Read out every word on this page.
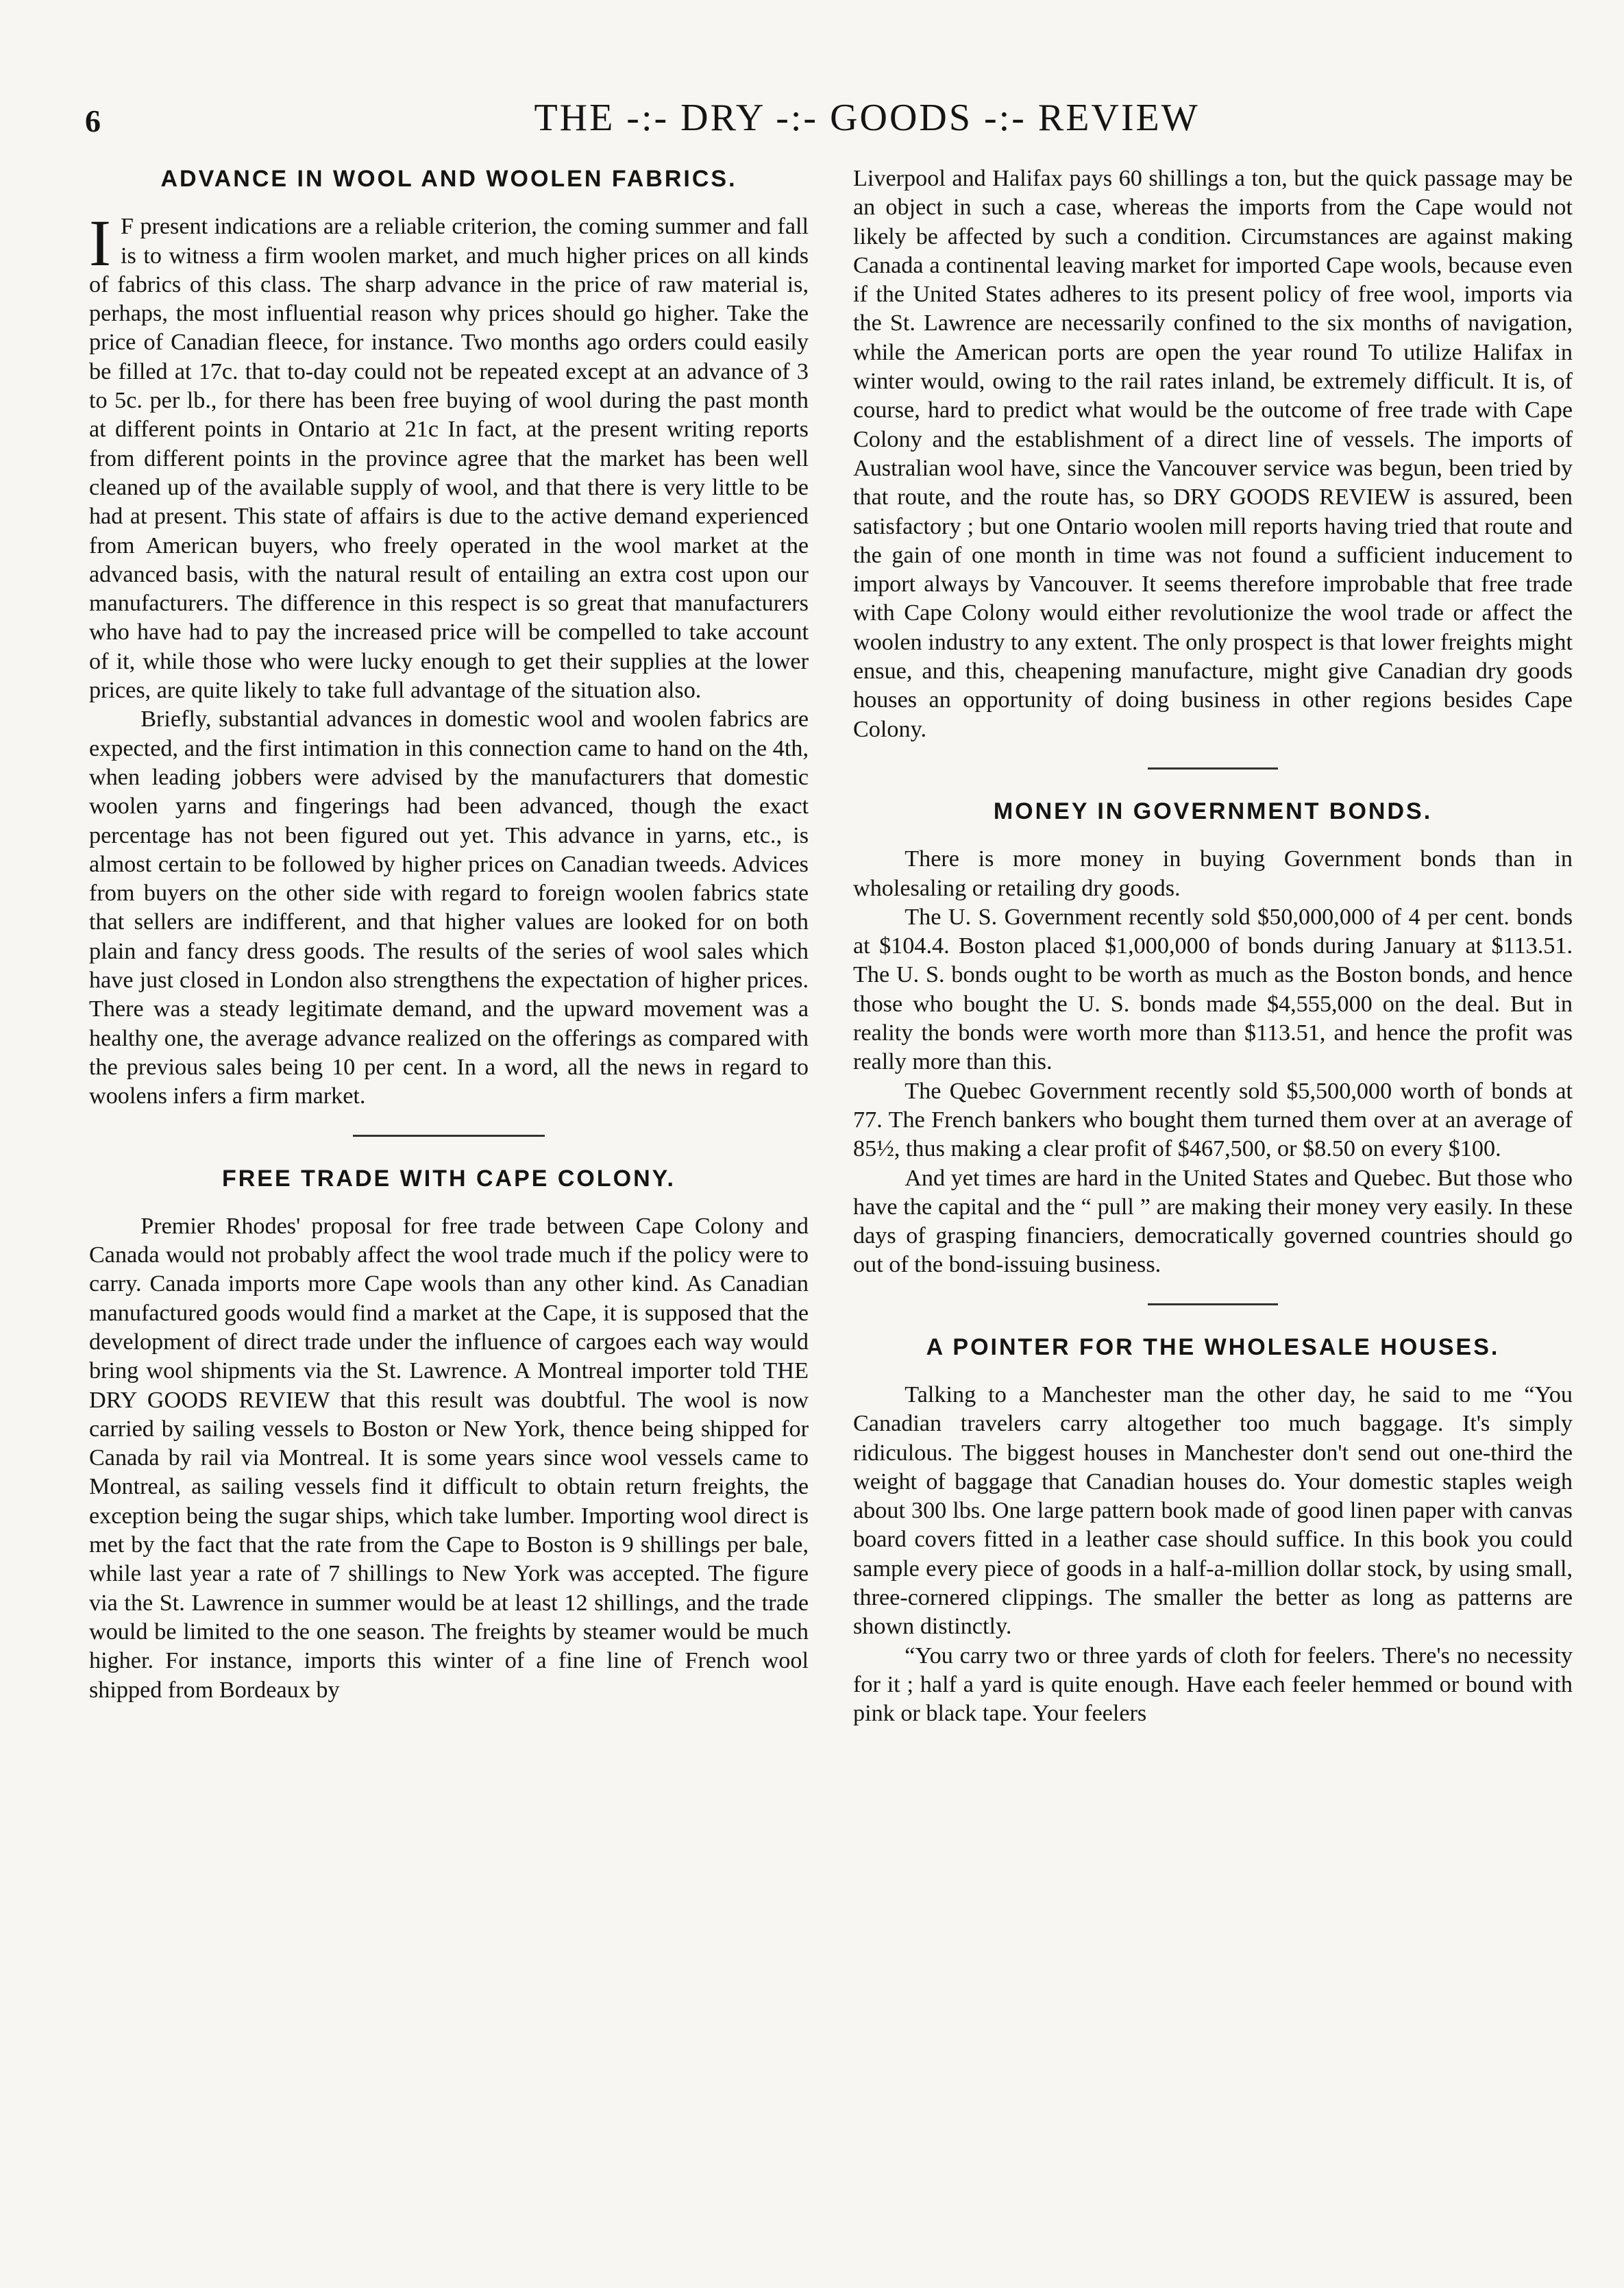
6	THE -:- DRY -:- GOODS -:- REVIEW
ADVANCE IN WOOL AND WOOLEN FABRICS.

I F present indications are a reliable criterion, the coming summer and fall is to witness a firm woolen market, and much higher prices on all kinds of fabrics of this class. The sharp advance in the price of raw material is, perhaps, the most influential reason why prices should go higher. Take the price of Canadian fleece, for instance. Two months ago orders could easily be filled at 17c. that to-day could not be repeated except at an advance of 3 to 5c. per lb., for there has been free buying of wool during the past month at different points in Ontario at 21c In fact, at the present writing reports from different points in the province agree that the market has been well cleaned up of the available supply of wool, and that there is very little to be had at present. This state of affairs is due to the active demand experienced from American buyers, who freely operated in the wool market at the advanced basis, with the natural result of entailing an extra cost upon our manufacturers. The difference in this respect is so great that manufacturers who have had to pay the increased price will be compelled to take account of it, while those who were lucky enough to get their supplies at the lower prices, are quite likely to take full advantage of the situation also.

Briefly, substantial advances in domestic wool and woolen fabrics are expected, and the first intimation in this connection came to hand on the 4th, when leading jobbers were advised by the manufacturers that domestic woolen yarns and fingerings had been advanced, though the exact percentage has not been figured out yet. This advance in yarns, etc., is almost certain to be followed by higher prices on Canadian tweeds. Advices from buyers on the other side with regard to foreign woolen fabrics state that sellers are indifferent, and that higher values are looked for on both plain and fancy dress goods. The results of the series of wool sales which have just closed in London also strengthens the expectation of higher prices. There was a steady legitimate demand, and the upward movement was a healthy one, the average advance realized on the offerings as compared with the previous sales being 10 per cent. In a word, all the news in regard to woolens infers a firm market.

FREE TRADE WITH CAPE COLONY.

Premier Rhodes' proposal for free trade between Cape Colony and Canada would not probably affect the wool trade much if the policy were to carry. Canada imports more Cape wools than any other kind. As Canadian manufactured goods would find a market at the Cape, it is supposed that the development of direct trade under the influence of cargoes each way would bring wool shipments via the St. Lawrence. A Montreal importer told THE DRY GOODS REVIEW that this result was doubtful. The wool is now carried by sailing vessels to Boston or New York, thence being shipped for Canada by rail via Montreal. It is some years since wool vessels came to Montreal, as sailing vessels find it difficult to obtain return freights, the exception being the sugar ships, which take lumber. Importing wool direct is met by the fact that the rate from the Cape to Boston is 9 shillings per bale, while last year a rate of 7 shillings to New York was accepted. The figure via the St. Lawrence in summer would be at least 12 shillings, and the trade would be limited to the one season. The freights by steamer would be much higher. For instance, imports this winter of a fine line of French wool shipped from Bordeaux by

Liverpool and Halifax pays 60 shillings a ton, but the quick passage may be an object in such a case, whereas the imports from the Cape would not likely be affected by such a condition. Circumstances are against making Canada a continental leaving market for imported Cape wools, because even if the United States adheres to its present policy of free wool, imports via the St. Lawrence are necessarily confined to the six months of navigation, while the American ports are open the year round To utilize Halifax in winter would, owing to the rail rates inland, be extremely difficult. It is, of course, hard to predict what would be the outcome of free trade with Cape Colony and the establishment of a direct line of vessels. The imports of Australian wool have, since the Vancouver service was begun, been tried by that route, and the route has, so DRY GOODS REVIEW is assured, been satisfactory ; but one Ontario woolen mill reports having tried that route and the gain of one month in time was not found a sufficient inducement to import always by Vancouver. It seems therefore improbable that free trade with Cape Colony would either revolutionize the wool trade or affect the woolen industry to any extent. The only prospect is that lower freights might ensue, and this, cheapening manufacture, might give Canadian dry goods houses an opportunity of doing business in other regions besides Cape Colony.

MONEY IN GOVERNMENT BONDS.

There is more money in buying Government bonds than in wholesaling or retailing dry goods.

The U. S. Government recently sold $50,000,000 of 4 per cent. bonds at $104.4. Boston placed $1,000,000 of bonds during January at $113.51. The U. S. bonds ought to be worth as much as the Boston bonds, and hence those who bought the U. S. bonds made $4,555,000 on the deal. But in reality the bonds were worth more than $113.51, and hence the profit was really more than this.

The Quebec Government recently sold $5,500,000 worth of bonds at 77. The French bankers who bought them turned them over at an average of 85½, thus making a clear profit of $467,500, or $8.50 on every $100.

And yet times are hard in the United States and Quebec. But those who have the capital and the “ pull ” are making their money very easily. In these days of grasping financiers, democratically governed countries should go out of the bond-issuing business.

A POINTER FOR THE WHOLESALE HOUSES.

Talking to a Manchester man the other day, he said to me “You Canadian travelers carry altogether too much baggage. It's simply ridiculous. The biggest houses in Manchester don't send out one-third the weight of baggage that Canadian houses do. Your domestic staples weigh about 300 lbs. One large pattern book made of good linen paper with canvas board covers fitted in a leather case should suffice. In this book you could sample every piece of goods in a half-a-million dollar stock, by using small, three-cornered clippings. The smaller the better as long as patterns are shown distinctly.

“You carry two or three yards of cloth for feelers. There's no necessity for it ; half a yard is quite enough. Have each feeler hemmed or bound with pink or black tape. Your feelers
